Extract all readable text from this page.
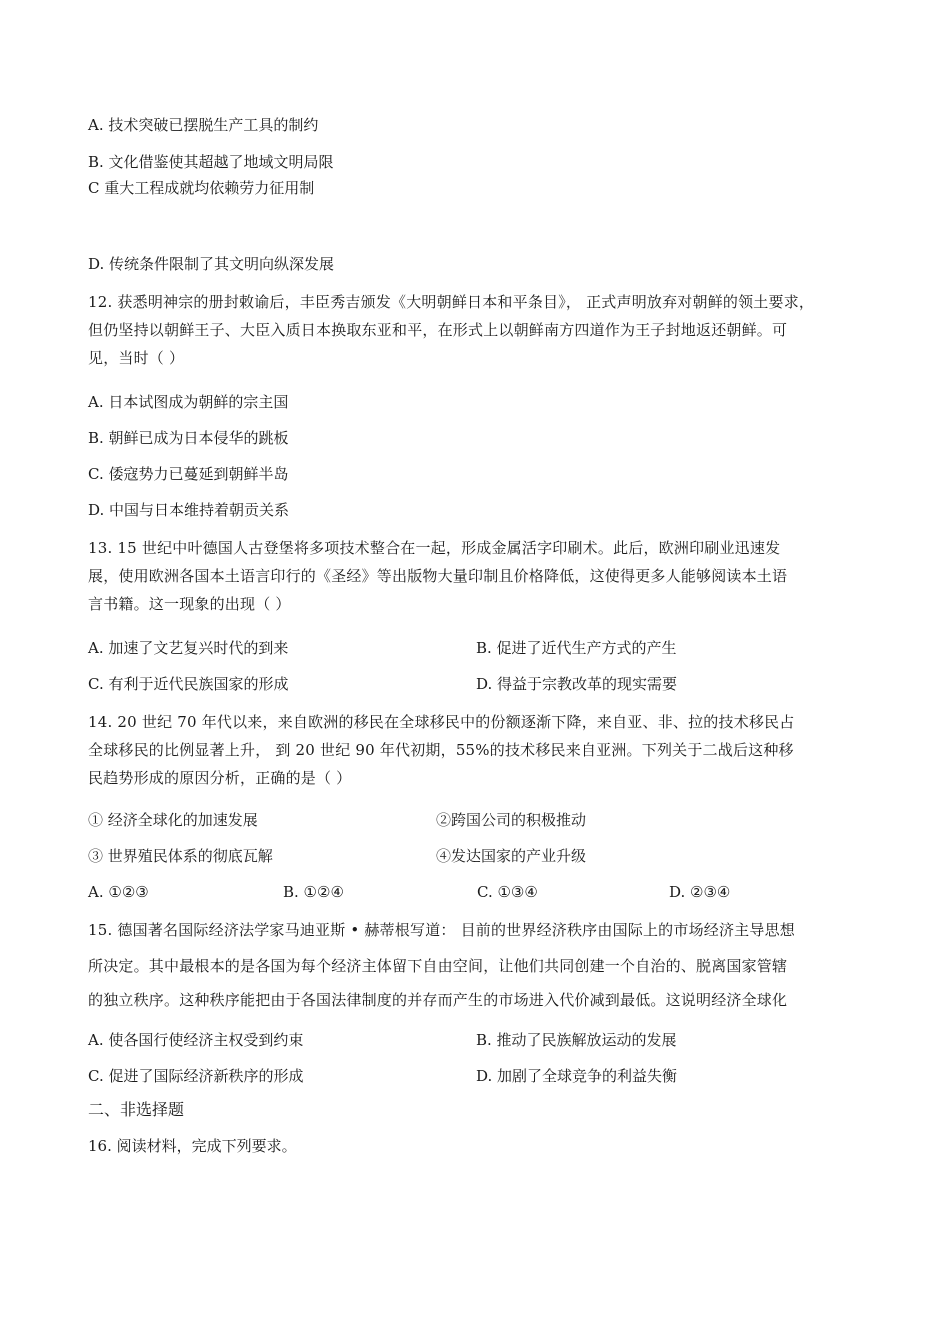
A. 技术突破已摆脱生产工具的制约
B. 文化借鉴使其超越了地域文明局限
C 重大工程成就均依赖劳力征用制
D. 传统条件限制了其文明向纵深发展
12. 获悉明神宗的册封敕谕后，丰臣秀吉颁发《大明朝鲜日本和平条目》， 正式声明放弃对朝鲜的领土要求，
但仍坚持以朝鲜王子、大臣入质日本换取东亚和平，在形式上以朝鲜南方四道作为王子封地返还朝鲜。可
见，当时（ ）
A. 日本试图成为朝鲜的宗主国
B. 朝鲜已成为日本侵华的跳板
C. 倭寇势力已蔓延到朝鲜半岛
D. 中国与日本维持着朝贡关系
13. 15 世纪中叶德国人古登堡将多项技术整合在一起，形成金属活字印刷术。此后，欧洲印刷业迅速发
展，使用欧洲各国本土语言印行的《圣经》等出版物大量印制且价格降低，这使得更多人能够阅读本土语
言书籍。这一现象的出现（ ）
A. 加速了文艺复兴时代的到来	B. 促进了近代生产方式的产生
C. 有利于近代民族国家的形成	D. 得益于宗教改革的现实需要
14. 20 世纪 70 年代以来，来自欧洲的移民在全球移民中的份额逐渐下降，来自亚、非、拉的技术移民占
全球移民的比例显著上升， 到 20 世纪 90 年代初期，55%的技术移民来自亚洲。下列关于二战后这种移
民趋势形成的原因分析，正确的是（ ）
① 经济全球化的加速发展	②跨国公司的积极推动
③ 世界殖民体系的彻底瓦解	④发达国家的产业升级
A. ①②③	B. ①②④	C. ①③④	D. ②③④
15. 德国著名国际经济法学家马迪亚斯 • 赫蒂根写道： 目前的世界经济秩序由国际上的市场经济主导思想
所决定。其中最根本的是各国为每个经济主体留下自由空间，让他们共同创建一个自治的、脱离国家管辖
的独立秩序。这种秩序能把由于各国法律制度的并存而产生的市场进入代价减到最低。这说明经济全球化
A. 使各国行使经济主权受到约束	B. 推动了民族解放运动的发展
C. 促进了国际经济新秩序的形成	D. 加剧了全球竞争的利益失衡
二、非选择题
16. 阅读材料，完成下列要求。
